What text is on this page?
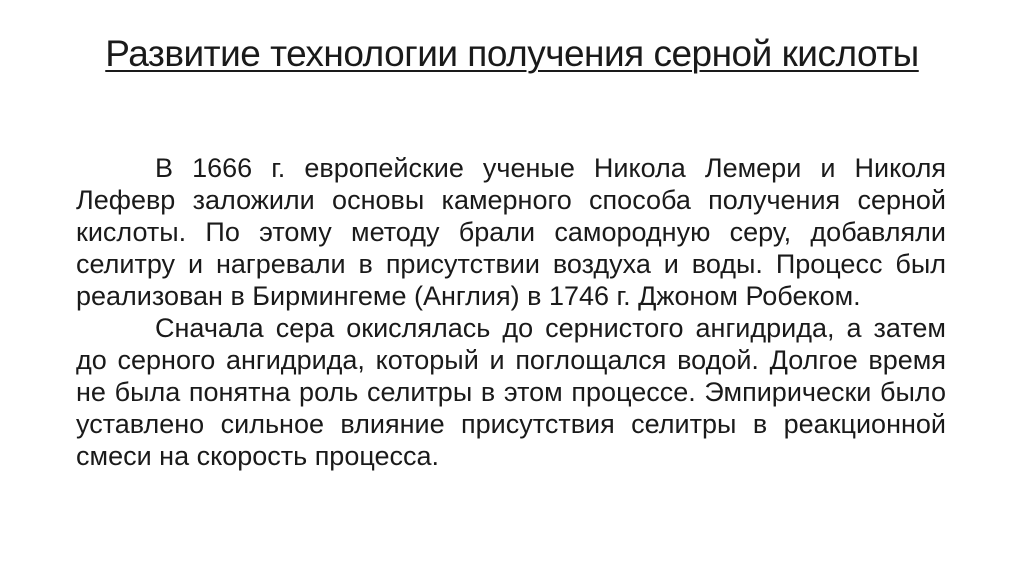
Развитие технологии получения серной кислоты

В 1666 г. европейские ученые Никола Лемери и Николя Лефевр заложили основы камерного способа получения серной кислоты. По этому методу брали самородную серу, добавляли селитру и нагревали в присутствии воздуха и воды. Процесс был реализован в Бирмингеме (Англия) в 1746 г. Джоном Робеком.

Сначала сера окислялась до сернистого ангидрида, а затем до серного ангидрида, который и поглощался водой. Долгое время не была понятна роль селитры в этом процессе. Эмпирически было уставлено сильное влияние присутствия селитры в реакционной смеси на скорость процесса.
